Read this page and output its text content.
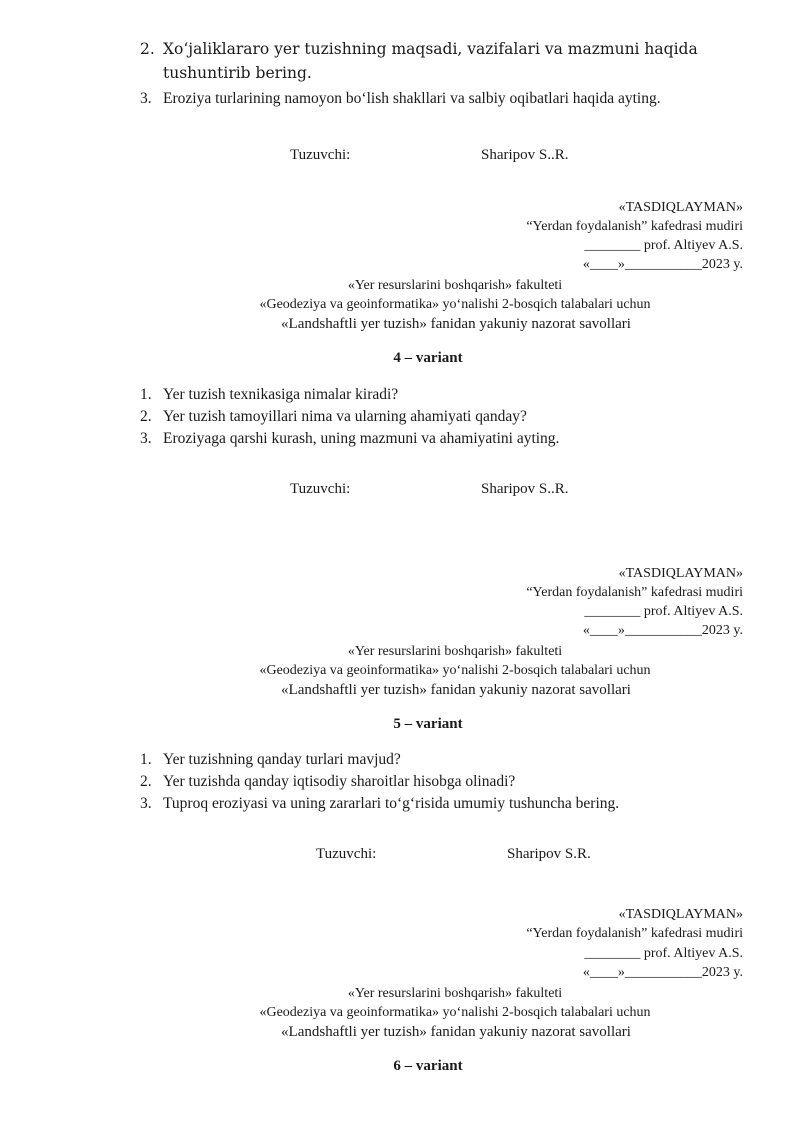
2. Xo‘jaliklararo yer tuzishning maqsadi, vazifalari va mazmuni haqida
tushuntirib bering.
3. Eroziya turlarining namoyon bo‘lish shakllari va salbiy oqibatlari haqida ayting.
Tuzuvchi:	Sharipov S..R.
«TASDIQLAYMAN»
“Yerdan foydalanish” kafedrasi mudiri
________ prof. Altiyev A.S.
«____»___________2023 y.
«Yer resurslarini boshqarish» fakulteti
«Geodeziya va geoinformatika» yo‘nalishi 2-bosqich talabalari uchun
«Landshaftli yer tuzish» fanidan yakuniy nazorat savollari
4 – variant
1. Yer tuzish texnikasiga nimalar kiradi?
2. Yer tuzish tamoyillari nima va ularning ahamiyati qanday?
3. Eroziyaga qarshi kurash, uning mazmuni va ahamiyatini ayting.
Tuzuvchi:	Sharipov S..R.
«TASDIQLAYMAN»
“Yerdan foydalanish” kafedrasi mudiri
________ prof. Altiyev A.S.
«____»___________2023 y.
«Yer resurslarini boshqarish» fakulteti
«Geodeziya va geoinformatika» yo‘nalishi 2-bosqich talabalari uchun
«Landshaftli yer tuzish» fanidan yakuniy nazorat savollari
5 – variant
1. Yer tuzishning qanday turlari mavjud?
2. Yer tuzishda qanday iqtisodiy sharoitlar hisobga olinadi?
3. Tuproq eroziyasi va uning zararlari to‘g‘risida umumiy tushuncha bering.
Tuzuvchi:	Sharipov S.R.
«TASDIQLAYMAN»
“Yerdan foydalanish” kafedrasi mudiri
________ prof. Altiyev A.S.
«____»___________2023 y.
«Yer resurslarini boshqarish» fakulteti
«Geodeziya va geoinformatika» yo‘nalishi 2-bosqich talabalari uchun
«Landshaftli yer tuzish» fanidan yakuniy nazorat savollari
6 – variant
